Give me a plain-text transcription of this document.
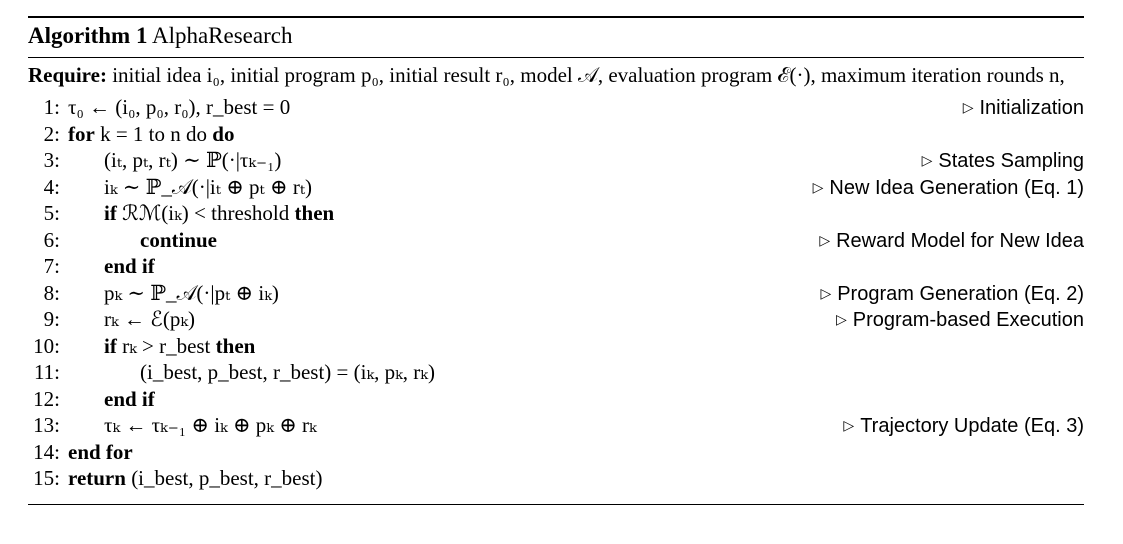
Algorithm 1 AlphaResearch
Require: initial idea i₀, initial program p₀, initial result r₀, model 𝒜, evaluation program ℰ(·), maximum iteration rounds n,
1: τ₀ ← (i₀, p₀, r₀), r_best = 0	▷ Initialization
2: for k = 1 to n do do
3: (iₜ, pₜ, rₜ) ∼ ℙ(·|τₖ₋₁)	▷ States Sampling
4: iₖ ∼ ℙ_𝒜(·|iₜ ⊕ pₜ ⊕ rₜ)	▷ New Idea Generation (Eq. 1)
5: if ℛℳ(iₖ) < threshold then
6:	continue	▷ Reward Model for New Idea
7: end if
8: pₖ ∼ ℙ_𝒜(·|pₜ ⊕ iₖ)	▷ Program Generation (Eq. 2)
9: rₖ ← ℰ(pₖ)	▷ Program-based Execution
10: if rₖ > r_best then
11:	(i_best, p_best, r_best) = (iₖ, pₖ, rₖ)
12: end if
13: τₖ ← τₖ₋₁ ⊕ iₖ ⊕ pₖ ⊕ rₖ	▷ Trajectory Update (Eq. 3)
14: end for
15: return (i_best, p_best, r_best)
